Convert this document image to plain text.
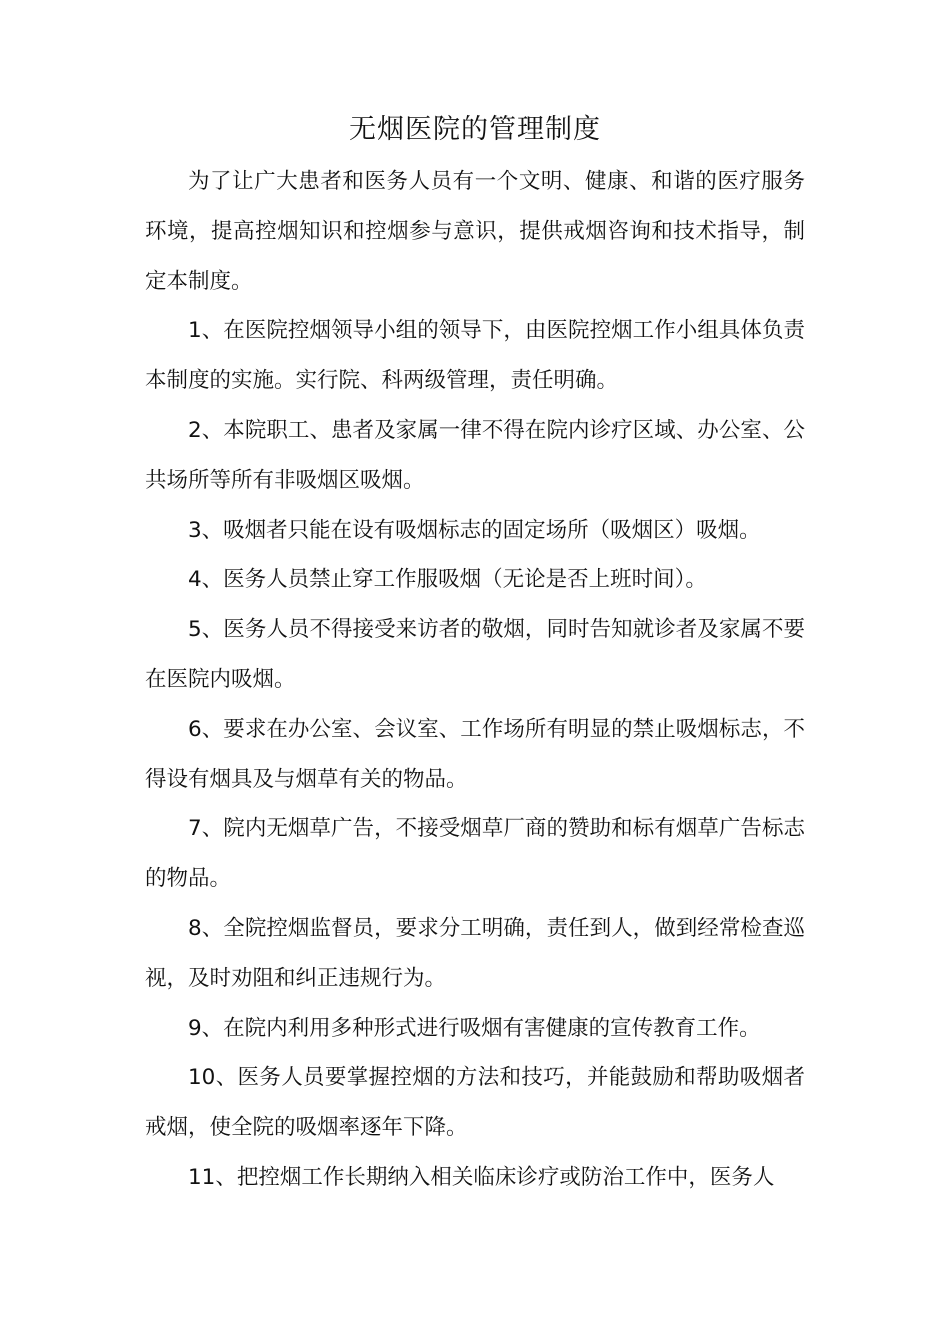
无烟医院的管理制度

为了让广大患者和医务人员有一个文明、健康、和谐的医疗服务环境，提高控烟知识和控烟参与意识，提供戒烟咨询和技术指导，制定本制度。

1、在医院控烟领导小组的领导下，由医院控烟工作小组具体负责本制度的实施。实行院、科两级管理，责任明确。

2、本院职工、患者及家属一律不得在院内诊疗区域、办公室、公共场所等所有非吸烟区吸烟。

3、吸烟者只能在设有吸烟标志的固定场所（吸烟区）吸烟。

4、医务人员禁止穿工作服吸烟（无论是否上班时间）。

5、医务人员不得接受来访者的敬烟，同时告知就诊者及家属不要在医院内吸烟。

6、要求在办公室、会议室、工作场所有明显的禁止吸烟标志，不得设有烟具及与烟草有关的物品。

7、院内无烟草广告，不接受烟草厂商的赞助和标有烟草广告标志的物品。

8、全院控烟监督员，要求分工明确，责任到人，做到经常检查巡视，及时劝阻和纠正违规行为。

9、在院内利用多种形式进行吸烟有害健康的宣传教育工作。

10、医务人员要掌握控烟的方法和技巧，并能鼓励和帮助吸烟者戒烟，使全院的吸烟率逐年下降。

11、把控烟工作长期纳入相关临床诊疗或防治工作中，医务人
